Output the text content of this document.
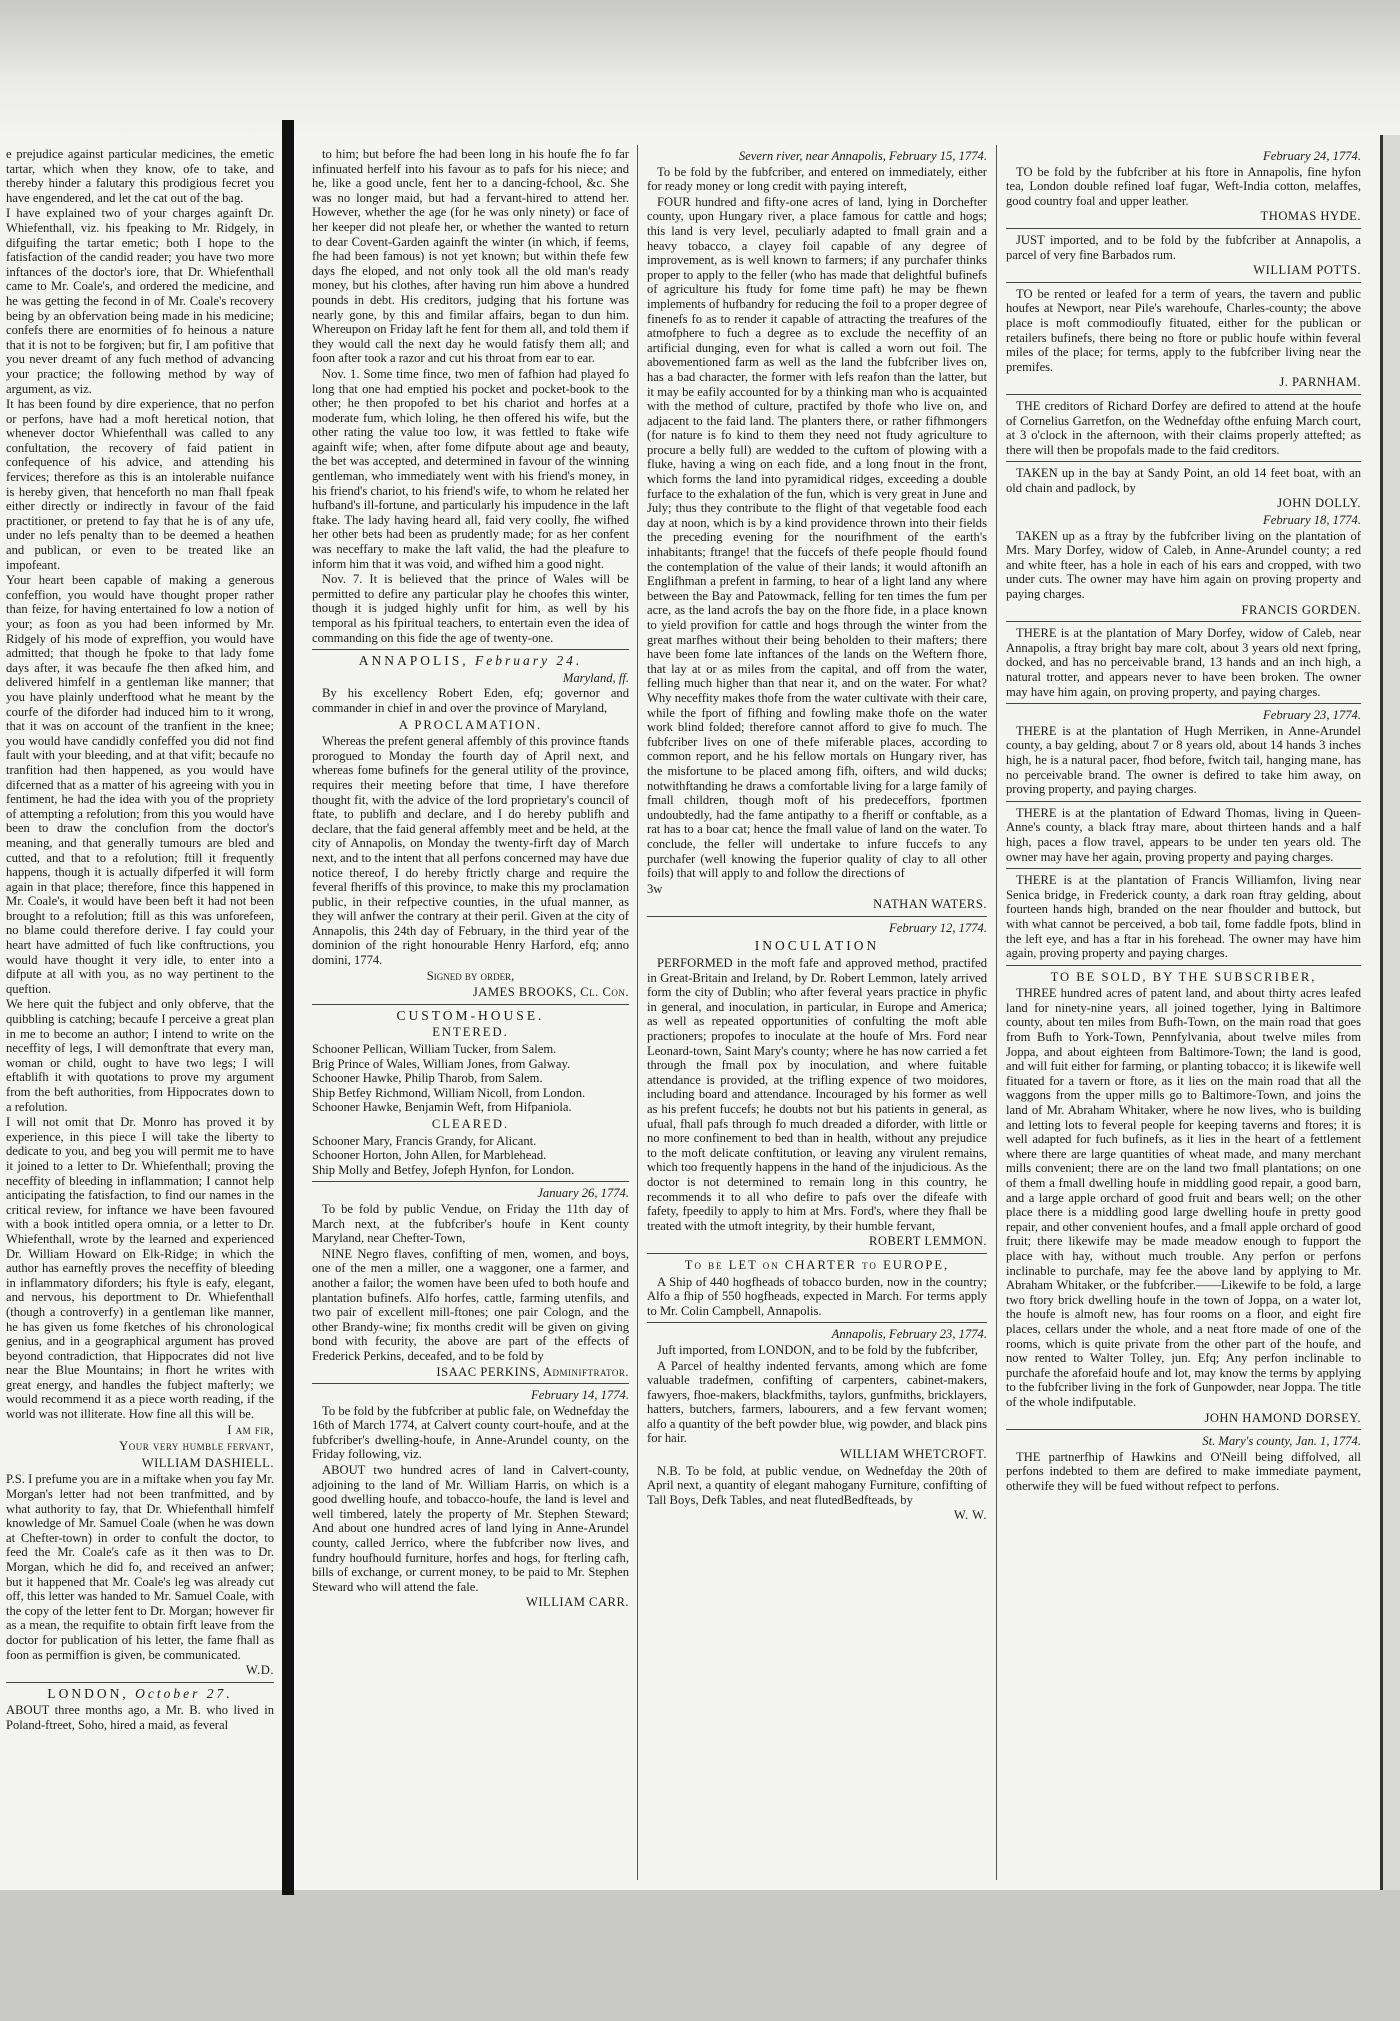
e prejudice against particular medicines, the emetic tartar, which when they know, ofe to take, and thereby hinder a falutary this prodigious fecret you have engendered, and let the cat out of the bag.

I have explained two of your charges againft Dr. Whiefenthall, viz. his fpeaking to Mr. Ridgely, in difguifing the tartar emetic; both I hope to the fatisfaction of the candid reader; you have two more inftances of the doctor's iore, that Dr. Whiefenthall came to Mr. Coale's, and ordered the medicine, and he was getting the fecond in of Mr. Coale's recovery being by an obfervation being made in his medicine; confefs there are enormities of fo heinous a nature that it is not to be forgiven; but fir, I am pofitive that you never dreamt of any fuch method of advancing your practice; the following method by way of argument, as viz.

It has been found by dire experience, that no perfon or perfons, have had a moft heretical notion, that whenever doctor Whiefenthall was called to any confultation, the recovery of faid patient in confequence of his advice, and attending his fervices; therefore as this is an intolerable nuifance is hereby given, that henceforth no man fhall fpeak either directly or indirectly in favour of the faid practitioner, or pretend to fay that he is of any ufe, under no lefs penalty than to be deemed a heathen and publican, or even to be treated like an impofeant.

Your heart been capable of making a generous confeffion, you would have thought proper rather than feize, for having entertained fo low a notion of your; as foon as you had been informed by Mr. Ridgely of his mode of expreffion, you would have admitted; that though he fpoke to that lady fome days after, it was becaufe fhe then afked him, and delivered himfelf in a gentleman like manner; that you have plainly underftood what he meant by the courfe of the diforder had induced him to it wrong, that it was on account of the tranfient in the knee; you would have candidly confeffed you did not find fault with your bleeding, and at that vifit; becaufe no tranfition had then happened, as you would have difcerned that as a matter of his agreeing with you in fentiment, he had the idea with you of the propriety of attempting a refolution; from this you would have been to draw the conclufion from the doctor's meaning, and that generally tumours are bled and cutted, and that to a refolution; ftill it frequently happens, though it is actually difperfed it will form again in that place; therefore, fince this happened in Mr. Coale's, it would have been beft it had not been brought to a refolution; ftill as this was unforefeen, no blame could therefore derive. I fay could your heart have admitted of fuch like conftructions, you would have thought it very idle, to enter into a difpute at all with you, as no way pertinent to the queftion.

We here quit the fubject and only obferve, that the quibbling is catching; becaufe I perceive a great plan in me to become an author; I intend to write on the neceffity of legs, I will demonftrate that every man, woman or child, ought to have two legs; I will eftablifh it with quotations to prove my argument from the beft authorities, from Hippocrates down to a refolution.

I will not omit that Dr. Monro has proved it by experience, in this piece I will take the liberty to dedicate to you, and beg you will permit me to have it joined to a letter to Dr. Whiefenthall; proving the neceffity of bleeding in inflammation; I cannot help anticipating the fatisfaction, to find our names in the critical review, for inftance we have been favoured with a book intitled opera omnia, or a letter to Dr. Whiefenthall, wrote by the learned and experienced Dr. William Howard on Elk-Ridge; in which the author has earneftly proves the neceffity of bleeding in inflammatory diforders; his ftyle is eafy, elegant, and nervous, his deportment to Dr. Whiefenthall (though a controverfy) in a gentleman like manner, he has given us fome fketches of his chronological genius, and in a geographical argument has proved beyond contradiction, that Hippocrates did not live near the Blue Mountains; in fhort he writes with great energy, and handles the fubject mafterly; we would recommend it as a piece worth reading, if the world was not illiterate. How fine all this will be.

I am fir,
Your very humble fervant,
WILLIAM DASHIELL.

P.S. I prefume you are in a miftake when you fay Mr. Morgan's letter had not been tranfmitted, and by what authority to fay, that Dr. Whiefenthall himfelf knowledge of Mr. Samuel Coale (when he was down at Chefter-town) in order to confult the doctor, to feed the Mr. Coale's cafe as it then was to Dr. Morgan, which he did fo, and received an anfwer; but it happened that Mr. Coale's leg was already cut off, this letter was handed to Mr. Samuel Coale, with the copy of the letter fent to Dr. Morgan; however fir as a mean, the requifite to obtain firft leave from the doctor for publication of his letter, the fame fhall as foon as permiffion is given, be communicated.

W.D.
LONDON, October 27.

ABOUT three months ago, a Mr. B. who lived in Poland-ftreet, Soho, hired a maid, as feveral

to him; but before fhe had been long in his houfe fhe fo far infinuated herfelf into his favour as to pafs for his niece; and he, like a good uncle, fent her to a dancing-fchool, &c. She was no longer maid, but had a fervant-hired to attend her. However, whether the age (for he was only ninety) or face of her keeper did not pleafe her, or whether the wanted to return to dear Covent-Garden againft the winter (in which, if feems, fhe had been famous) is not yet known; but within thefe few days fhe eloped, and not only took all the old man's ready money, but his clothes, after having run him above a hundred pounds in debt. His creditors, judging that his fortune was nearly gone, by this and fimilar affairs, began to dun him. Whereupon on Friday laft he fent for them all, and told them if they would call the next day he would fatisfy them all; and foon after took a razor and cut his throat from ear to ear.

Nov. 1. Some time fince, two men of fafhion had played fo long that one had emptied his pocket and pocket-book to the other; he then propofed to bet his chariot and horfes at a moderate fum, which loling, he then offered his wife, but the other rating the value too low, it was fettled to ftake wife againft wife; when, after fome difpute about age and beauty, the bet was accepted, and determined in favour of the winning gentleman, who immediately went with his friend's money, in his friend's chariot, to his friend's wife, to whom he related her hufband's ill-fortune, and particularly his impudence in the laft ftake. The lady having heard all, faid very coolly, fhe wifhed her other bets had been as prudently made; for as her confent was neceffary to make the laft valid, the had the pleafure to inform him that it was void, and wifhed him a good night.

Nov. 7. It is believed that the prince of Wales will be permitted to defire any particular play he choofes this winter, though it is judged highly unfit for him, as well by his temporal as his fpiritual teachers, to entertain even the idea of commanding on this fide the age of twenty-one.

ANNAPOLIS, February 24.
Maryland, ff.

By his excellency Robert Eden, efq; governor and commander in chief in and over the province of Maryland,

A PROCLAMATION.

Whereas the prefent general affembly of this province ftands prorogued to Monday the fourth day of April next, and whereas fome bufinefs for the general utility of the province, requires their meeting before that time, I have therefore thought fit, with the advice of the lord proprietary's council of ftate, to publifh and declare, and I do hereby publifh and declare, that the faid general affembly meet and be held, at the city of Annapolis, on Monday the twenty-firft day of March next, and to the intent that all perfons concerned may have due notice thereof, I do hereby ftrictly charge and require the feveral fheriffs of this province, to make this my proclamation public, in their refpective counties, in the ufual manner, as they will anfwer the contrary at their peril. Given at the city of Annapolis, this 24th day of February, in the third year of the dominion of the right honourable Henry Harford, efq; anno domini, 1774.

Signed by order,
JAMES BROOKS, Cl. Con.
CUSTOM-HOUSE.
ENTERED.
Schooner Pellican, William Tucker, from Salem.
Brig Prince of Wales, William Jones, from Galway.
Schooner Hawke, Philip Tharob, from Salem.
Ship Betfey Richmond, William Nicoll, from London.
Schooner Hawke, Benjamin Weft, from Hifpaniola.
CLEARED.
Schooner Mary, Francis Grandy, for Alicant.
Schooner Horton, John Allen, for Marblehead.
Ship Molly and Betfey, Jofeph Hynfon, for London.
January 26, 1774.

To be fold by public Vendue, on Friday the 11th day of March next, at the fubfcriber's houfe in Kent county Maryland, near Chefter-Town,

NINE Negro flaves, confifting of men, women, and boys, one of the men a miller, one a waggoner, one a farmer, and another a failor; the women have been ufed to both houfe and plantation bufinefs. Alfo horfes, cattle, farming utenfils, and two pair of excellent mill-ftones; one pair Cologn, and the other Brandy-wine; fix months credit will be given on giving bond with fecurity, the above are part of the effects of Frederick Perkins, deceafed, and to be fold by

ISAAC PERKINS, Adminiftrator.
February 14, 1774.

To be fold by the fubfcriber at public fale, on Wednefday the 16th of March 1774, at Calvert county court-houfe, and at the fubfcriber's dwelling-houfe, in Anne-Arundel county, on the Friday following, viz.

ABOUT two hundred acres of land in Calvert-county, adjoining to the land of Mr. William Harris, on which is a good dwelling houfe, and tobacco-houfe, the land is level and well timbered, lately the property of Mr. Stephen Steward; And about one hundred acres of land lying in Anne-Arundel county, called Jerrico, where the fubfcriber now lives, and fundry houfhould furniture, horfes and hogs, for fterling cafh, bills of exchange, or current money, to be paid to Mr. Stephen Steward who will attend the fale.

WILLIAM CARR.
Severn river, near Annapolis, February 15, 1774.

To be fold by the fubfcriber, and entered on immediately, either for ready money or long credit with paying intereft,

FOUR hundred and fifty-one acres of land, lying in Dorchefter county, upon Hungary river, a place famous for cattle and hogs; this land is very level, peculiarly adapted to fmall grain and a heavy tobacco, a clayey foil capable of any degree of improvement, as is well known to farmers; if any purchafer thinks proper to apply to the feller (who has made that delightful bufinefs of agriculture his ftudy for fome time paft) he may be fhewn implements of hufbandry for reducing the foil to a proper degree of finenefs fo as to render it capable of attracting the treafures of the atmofphere to fuch a degree as to exclude the neceffity of an artificial dunging, even for what is called a worn out foil. The abovementioned farm as well as the land the fubfcriber lives on, has a bad character, the former with lefs reafon than the latter, but it may be eafily accounted for by a thinking man who is acquainted with the method of culture, practifed by thofe who live on, and adjacent to the faid land. The planters there, or rather fifhmongers (for nature is fo kind to them they need not ftudy agriculture to procure a belly full) are wedded to the cuftom of plowing with a fluke, having a wing on each fide, and a long fnout in the front, which forms the land into pyramidical ridges, exceeding a double furface to the exhalation of the fun, which is very great in June and July; thus they contribute to the flight of that vegetable food each day at noon, which is by a kind providence thrown into their fields the preceding evening for the nourifhment of the earth's inhabitants; ftrange! that the fuccefs of thefe people fhould found the contemplation of the value of their lands; it would aftonifh an Englifhman a prefent in farming, to hear of a light land any where between the Bay and Patowmack, felling for ten times the fum per acre, as the land acrofs the bay on the fhore fide, in a place known to yield provifion for cattle and hogs through the winter from the great marfhes without their being beholden to their mafters; there have been fome late inftances of the lands on the Weftern fhore, that lay at or as miles from the capital, and off from the water, felling much higher than that near it, and on the water. For what? Why neceffity makes thofe from the water cultivate with their care, while the fport of fifhing and fowling make thofe on the water work blind folded; therefore cannot afford to give fo much. The fubfcriber lives on one of thefe miferable places, according to common report, and he his fellow mortals on Hungary river, has the misfortune to be placed among fifh, oifters, and wild ducks; notwithftanding he draws a comfortable living for a large family of fmall children, though moft of his predeceffors, fportmen undoubtedly, had the fame antipathy to a fheriff or conftable, as a rat has to a boar cat; hence the fmall value of land on the water. To conclude, the feller will undertake to infure fuccefs to any purchafer (well knowing the fuperior quality of clay to all other foils) that will apply to and follow the directions of

3w
NATHAN WATERS.
February 12, 1774.
INOCULATION

PERFORMED in the moft fafe and approved method, practifed in Great-Britain and Ireland, by Dr. Robert Lemmon, lately arrived form the city of Dublin; who after feveral years practice in phyfic in general, and inoculation, in particular, in Europe and America; as well as repeated opportunities of confulting the moft able practioners; propofes to inoculate at the houfe of Mrs. Ford near Leonard-town, Saint Mary's county; where he has now carried a fet through the fmall pox by inoculation, and where fuitable attendance is provided, at the trifling expence of two moidores, including board and attendance. Incouraged by his former as well as his prefent fuccefs; he doubts not but his patients in general, as ufual, fhall pafs through fo much dreaded a diforder, with little or no more confinement to bed than in health, without any prejudice to the moft delicate conftitution, or leaving any virulent remains, which too frequently happens in the hand of the injudicious. As the doctor is not determined to remain long in this country, he recommends it to all who defire to pafs over the difeafe with fafety, fpeedily to apply to him at Mrs. Ford's, where they fhall be treated with the utmoft integrity, by their humble fervant,

ROBERT LEMMON.
To be LET on CHARTER to EUROPE,

A Ship of 440 hogfheads of tobacco burden, now in the country; Alfo a fhip of 550 hogfheads, expected in March. For terms apply to Mr. Colin Campbell, Annapolis.

Annapolis, February 23, 1774.

Juft imported, from LONDON, and to be fold by the fubfcriber,

A Parcel of healthy indented fervants, among which are fome valuable tradefmen, confifting of carpenters, cabinet-makers, fawyers, fhoe-makers, blackfmiths, taylors, gunfmiths, bricklayers, hatters, butchers, farmers, labourers, and a few fervant women; alfo a quantity of the beft powder blue, wig powder, and black pins for hair.

WILLIAM WHETCROFT.

N.B. To be fold, at public vendue, on Wednefday the 20th of April next, a quantity of elegant mahogany Furniture, confifting of Tall Boys, Defk Tables, and neat flutedBedfteads, by

W. W.
February 24, 1774.

TO be fold by the fubfcriber at his ftore in Annapolis, fine hyfon tea, London double refined loaf fugar, Weft-India cotton, melaffes, good country foal and upper leather.

THOMAS HYDE.

JUST imported, and to be fold by the fubfcriber at Annapolis, a parcel of very fine Barbados rum.

WILLIAM POTTS.

TO be rented or leafed for a term of years, the tavern and public houfes at Newport, near Pile's warehoufe, Charles-county; the above place is moft commodioufly fituated, either for the publican or retailers bufinefs, there being no ftore or public houfe within feveral miles of the place; for terms, apply to the fubfcriber living near the premifes.

J. PARNHAM.

THE creditors of Richard Dorfey are defired to attend at the houfe of Cornelius Garretfon, on the Wednefday ofthe enfuing March court, at 3 o'clock in the afternoon, with their claims properly attefted; as there will then be propofals made to the faid creditors.

TAKEN up in the bay at Sandy Point, an old 14 feet boat, with an old chain and padlock, by

JOHN DOLLY.
February 18, 1774.

TAKEN up as a ftray by the fubfcriber living on the plantation of Mrs. Mary Dorfey, widow of Caleb, in Anne-Arundel county; a red and white fteer, has a hole in each of his ears and cropped, with two under cuts. The owner may have him again on proving property and paying charges.

FRANCIS GORDEN.

THERE is at the plantation of Mary Dorfey, widow of Caleb, near Annapolis, a ftray bright bay mare colt, about 3 years old next fpring, docked, and has no perceivable brand, 13 hands and an inch high, a natural trotter, and appears never to have been broken. The owner may have him again, on proving property, and paying charges.

February 23, 1774.

THERE is at the plantation of Hugh Merriken, in Anne-Arundel county, a bay gelding, about 7 or 8 years old, about 14 hands 3 inches high, he is a natural pacer, fhod before, fwitch tail, hanging mane, has no perceivable brand. The owner is defired to take him away, on proving property, and paying charges.

THERE is at the plantation of Edward Thomas, living in Queen-Anne's county, a black ftray mare, about thirteen hands and a half high, paces a flow travel, appears to be under ten years old. The owner may have her again, proving property and paying charges.

THERE is at the plantation of Francis Williamfon, living near Senica bridge, in Frederick county, a dark roan ftray gelding, about fourteen hands high, branded on the near fhoulder and buttock, but with what cannot be perceived, a bob tail, fome faddle fpots, blind in the left eye, and has a ftar in his forehead. The owner may have him again, proving property and paying charges.

TO BE SOLD, BY THE SUBSCRIBER,

THREE hundred acres of patent land, and about thirty acres leafed land for ninety-nine years, all joined together, lying in Baltimore county, about ten miles from Bufh-Town, on the main road that goes from Bufh to York-Town, Pennfylvania, about twelve miles from Joppa, and about eighteen from Baltimore-Town; the land is good, and will fuit either for farming, or planting tobacco; it is likewife well fituated for a tavern or ftore, as it lies on the main road that all the waggons from the upper mills go to Baltimore-Town, and joins the land of Mr. Abraham Whitaker, where he now lives, who is building and letting lots to feveral people for keeping taverns and ftores; it is well adapted for fuch bufinefs, as it lies in the heart of a fettlement where there are large quantities of wheat made, and many merchant mills convenient; there are on the land two fmall plantations; on one of them a fmall dwelling houfe in middling good repair, a good barn, and a large apple orchard of good fruit and bears well; on the other place there is a middling good large dwelling houfe in pretty good repair, and other convenient houfes, and a fmall apple orchard of good fruit; there likewife may be made meadow enough to fupport the place with hay, without much trouble. Any perfon or perfons inclinable to purchafe, may fee the above land by applying to Mr. Abraham Whitaker, or the fubfcriber.——Likewife to be fold, a large two ftory brick dwelling houfe in the town of Joppa, on a water lot, the houfe is almoft new, has four rooms on a floor, and eight fire places, cellars under the whole, and a neat ftore made of one of the rooms, which is quite private from the other part of the houfe, and now rented to Walter Tolley, jun. Efq; Any perfon inclinable to purchafe the aforefaid houfe and lot, may know the terms by applying to the fubfcriber living in the fork of Gunpowder, near Joppa. The title of the whole indifputable.

JOHN HAMOND DORSEY.
St. Mary's county, Jan. 1, 1774.

THE partnerfhip of Hawkins and O'Neill being diffolved, all perfons indebted to them are defired to make immediate payment, otherwife they will be fued without refpect to perfons.
